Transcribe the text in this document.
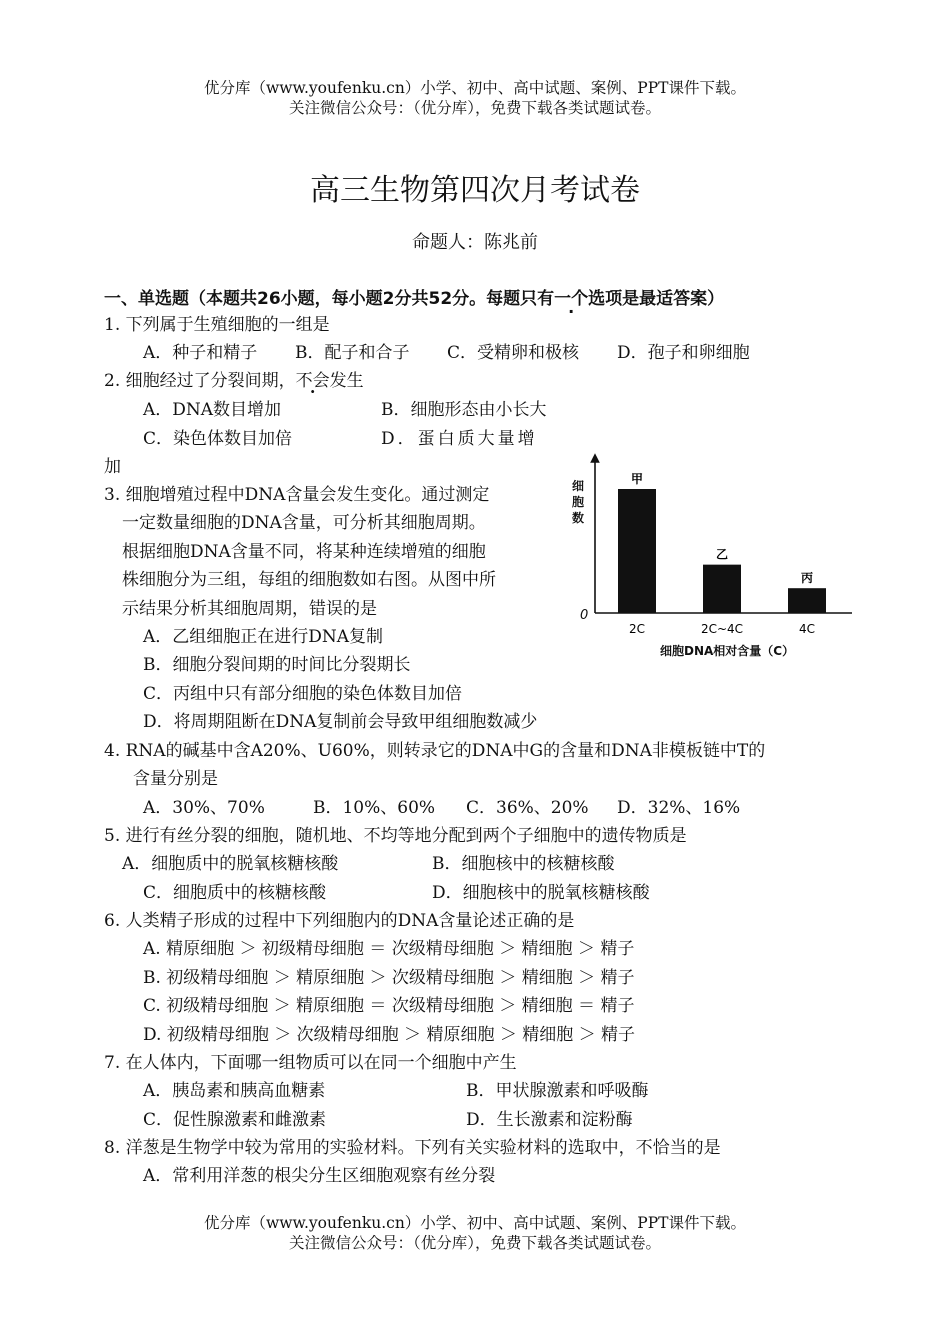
优分库（www.youfenku.cn）小学、初中、高中试题、案例、PPT课件下载。
关注微信公众号：（优分库），免费下载各类试题试卷。
高三生物第四次月考试卷
命题人：陈兆前
一、单选题（本题共26小题，每小题2分共52分。每题只有一个选项是最适答案）
1. 下列属于生殖细胞的一组是
A．种子和精子 B．配子和合子 C．受精卵和极核 D．孢子和卵细胞
2. 细胞经过了分裂间期，不会发生
A．DNA数目增加	B．细胞形态由小长大
C．染色体数目加倍	D．蛋白质大量增
加
3. 细胞增殖过程中DNA含量会发生变化。通过测定
一定数量细胞的DNA含量，可分析其细胞周期。
根据细胞DNA含量不同，将某种连续增殖的细胞
株细胞分为三组，每组的细胞数如右图。从图中所
示结果分析其细胞周期，错误的是
A．乙组细胞正在进行DNA复制
B．细胞分裂间期的时间比分裂期长
C．丙组中只有部分细胞的染色体数目加倍
D．将周期阻断在DNA复制前会导致甲组细胞数减少
0
细
胞
数
细胞DNA相对含量（C）
甲
2C
乙
2C~4C
丙
4C
4. RNA的碱基中含A20%、U60%，则转录它的DNA中G的含量和DNA非模板链中T的
含量分别是
A．30%、70%	B．10%、60% C．36%、20% D．32%、16%
5. 进行有丝分裂的细胞，随机地、不均等地分配到两个子细胞中的遗传物质是
A．细胞质中的脱氧核糖核酸	B．细胞核中的核糖核酸
C．细胞质中的核糖核酸	D．细胞核中的脱氧核糖核酸
6. 人类精子形成的过程中下列细胞内的DNA含量论述正确的是
A. 精原细胞 ＞ 初级精母细胞 ＝ 次级精母细胞 ＞ 精细胞 ＞ 精子
B. 初级精母细胞 ＞ 精原细胞 ＞ 次级精母细胞 ＞ 精细胞 ＞ 精子
C. 初级精母细胞 ＞ 精原细胞 ＝ 次级精母细胞 ＞ 精细胞 ＝ 精子
D. 初级精母细胞 ＞ 次级精母细胞 ＞ 精原细胞 ＞ 精细胞 ＞ 精子
7. 在人体内，下面哪一组物质可以在同一个细胞中产生
A．胰岛素和胰高血糖素	B．甲状腺激素和呼吸酶
C．促性腺激素和雌激素	D．生长激素和淀粉酶
8. 洋葱是生物学中较为常用的实验材料。下列有关实验材料的选取中，不恰当的是
A．常利用洋葱的根尖分生区细胞观察有丝分裂
优分库（www.youfenku.cn）小学、初中、高中试题、案例、PPT课件下载。
关注微信公众号：（优分库），免费下载各类试题试卷。
